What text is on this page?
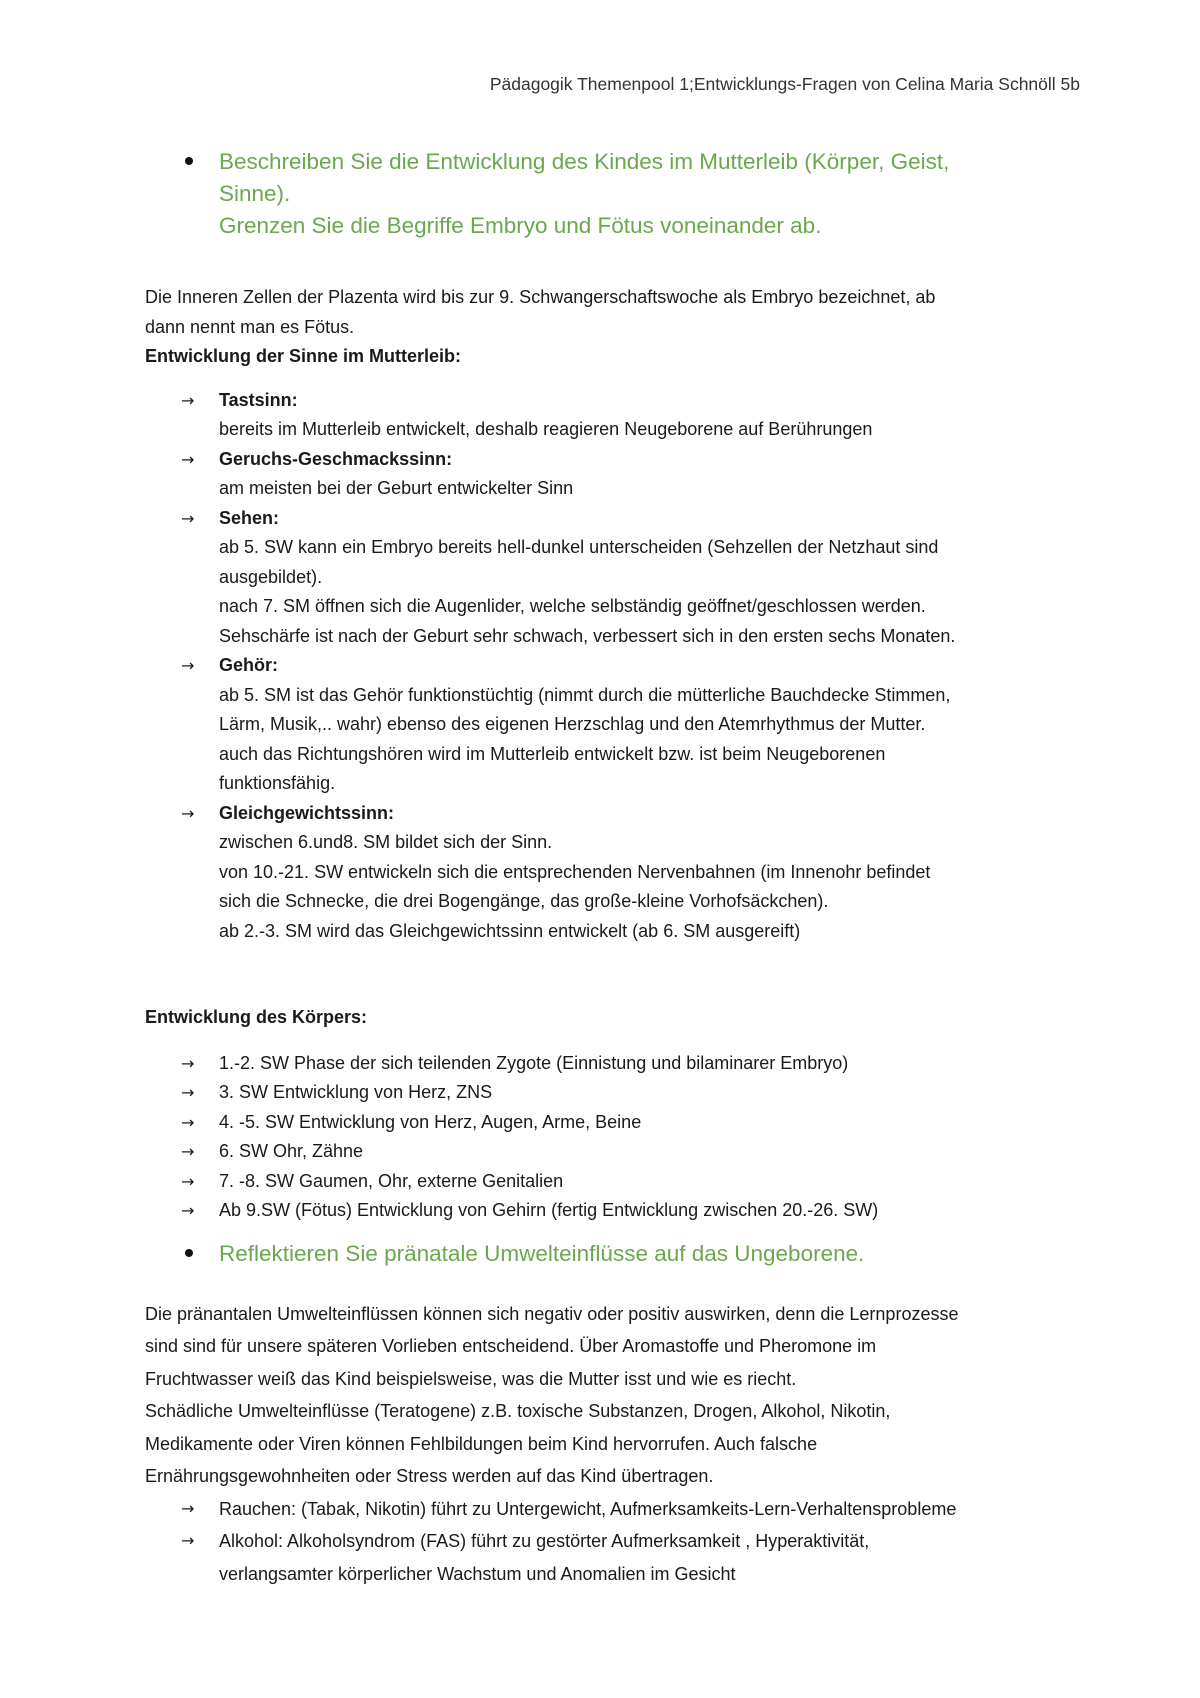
Pädagogik Themenpool 1;Entwicklungs-Fragen von Celina Maria Schnöll 5b
Beschreiben Sie die Entwicklung des Kindes im Mutterleib (Körper, Geist,
Sinne).
Grenzen Sie die Begriffe Embryo und Fötus voneinander ab.
Die Inneren Zellen der Plazenta wird bis zur 9. Schwangerschaftswoche als Embryo bezeichnet, ab
dann nennt man es Fötus.
Entwicklung der Sinne im Mutterleib:
→	Tastsinn:
bereits im Mutterleib entwickelt, deshalb reagieren Neugeborene auf Berührungen
→	Geruchs-Geschmackssinn:
am meisten bei der Geburt entwickelter Sinn
→	Sehen:
ab 5. SW kann ein Embryo bereits hell-dunkel unterscheiden (Sehzellen der Netzhaut sind
ausgebildet).
nach 7. SM öffnen sich die Augenlider, welche selbständig geöffnet/geschlossen werden.
Sehschärfe ist nach der Geburt sehr schwach, verbessert sich in den ersten sechs Monaten.
→	Gehör:
ab 5. SM ist das Gehör funktionstüchtig (nimmt durch die mütterliche Bauchdecke Stimmen,
Lärm, Musik,.. wahr) ebenso des eigenen Herzschlag und den Atemrhythmus der Mutter.
auch das Richtungshören wird im Mutterleib entwickelt bzw. ist beim Neugeborenen
funktionsfähig.
→	Gleichgewichtssinn:
zwischen 6.und8. SM bildet sich der Sinn.
von 10.-21. SW entwickeln sich die entsprechenden Nervenbahnen (im Innenohr befindet
sich die Schnecke, die drei Bogengänge, das große-kleine Vorhofsäckchen).
ab 2.-3. SM wird das Gleichgewichtssinn entwickelt (ab 6. SM ausgereift)
Entwicklung des Körpers:
→	1.-2. SW Phase der sich teilenden Zygote (Einnistung und bilaminarer Embryo)
→	3. SW Entwicklung von Herz, ZNS
→	4. -5. SW Entwicklung von Herz, Augen, Arme, Beine
→	6. SW Ohr, Zähne
→	7. -8. SW Gaumen, Ohr, externe Genitalien
→	Ab 9.SW (Fötus) Entwicklung von Gehirn (fertig Entwicklung zwischen 20.-26. SW)
Reflektieren Sie pränatale Umwelteinflüsse auf das Ungeborene.
Die pränantalen Umwelteinflüssen können sich negativ oder positiv auswirken, denn die Lernprozesse
sind sind für unsere späteren Vorlieben entscheidend. Über Aromastoffe und Pheromone im
Fruchtwasser weiß das Kind beispielsweise, was die Mutter isst und wie es riecht.
Schädliche Umwelteinflüsse (Teratogene) z.B. toxische Substanzen, Drogen, Alkohol, Nikotin,
Medikamente oder Viren können Fehlbildungen beim Kind hervorrufen. Auch falsche
Ernährungsgewohnheiten oder Stress werden auf das Kind übertragen.
→	Rauchen: (Tabak, Nikotin) führt zu Untergewicht, Aufmerksamkeits-Lern-Verhaltensprobleme
→	Alkohol: Alkoholsyndrom (FAS) führt zu gestörter Aufmerksamkeit , Hyperaktivität,
verlangsamter körperlicher Wachstum und Anomalien im Gesicht
